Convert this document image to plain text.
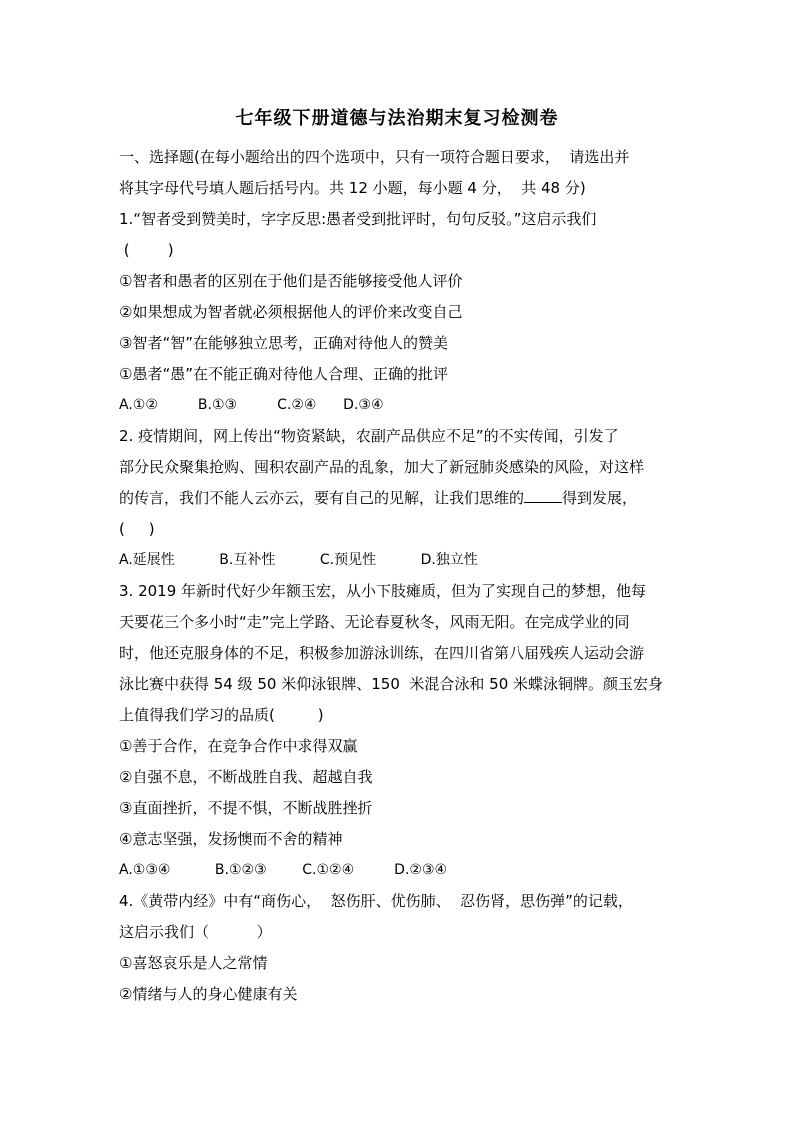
七年级下册道德与法治期末复习检测卷
一、选择题(在每小题给出的四个选项中，只有一项符合题日要求，  请选出并
将其字母代号填人题后括号内。共 12 小题，每小题 4 分，  共 48 分)
1.“智者受到赞美时，字字反思:愚者受到批评时，句句反驳。”这启示我们
(        )
①智者和愚者的区别在于他们是否能够接受他人评价
②如果想成为智者就必须根据他人的评价来改变自己
③智者“智”在能够独立思考，正确对待他人的赞美
①愚者“愚”在不能正确对待他人合理、正确的批评
A.①②         B.①③         C.②④      D.③④
2. 疫情期间，网上传出“物资紧缺，农副产品供应不足”的不实传闻，引发了
部分民众聚集抢购、囤积农副产品的乱象，加大了新冠肺炎感染的风险，对这样
的传言，我们不能人云亦云，要有自己的见解，让我们思维的	得到发展，
(     )
A.延展性          B.互补性          C.预见性          D.独立性
3. 2019 年新时代好少年额玉宏，从小下肢瘫质，但为了实现自己的梦想，他每
天要花三个多小时“走”完上学路、无论春夏秋冬，风雨无阳。在完成学业的同
时，他还克服身体的不足，积极参加游泳训练，在四川省第八届残疾人运动会游
泳比赛中获得 54 级 50 米仰泳银牌、150  米混合泳和 50 米蝶泳铜牌。颜玉宏身
上值得我们学习的品质(         )
①善于合作，在竞争合作中求得双赢
②自强不息，不断战胜自我、超越自我
③直面挫折，不提不惧，不断战胜挫折
④意志坚强，发扬懊而不舍的精神
A.①③④          B.①②③        C.①②④         D.②③④
4.《黄带内经》中有“商伤心，  怒伤肝、优伤肺、  忍伤肾，思伤弹”的记载，
这启示我们（          ）
①喜怒哀乐是人之常情
②情绪与人的身心健康有关
